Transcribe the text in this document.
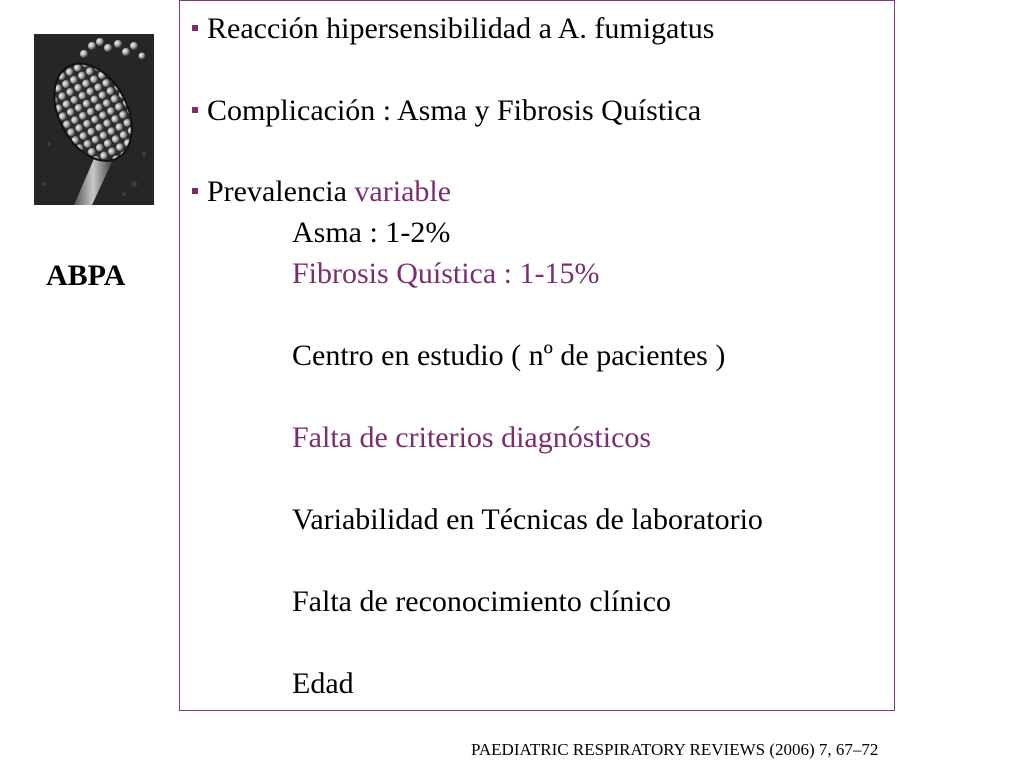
ABPA
Reacción hipersensibilidad a A. fumigatus
Complicación : Asma y Fibrosis Quística
Prevalencia variable
Asma : 1-2%
Fibrosis Quística : 1-15%
Centro en estudio ( nº de pacientes )
Falta de criterios diagnósticos
Variabilidad en Técnicas de laboratorio
Falta de reconocimiento clínico
Edad
PAEDIATRIC RESPIRATORY REVIEWS (2006) 7, 67–72
